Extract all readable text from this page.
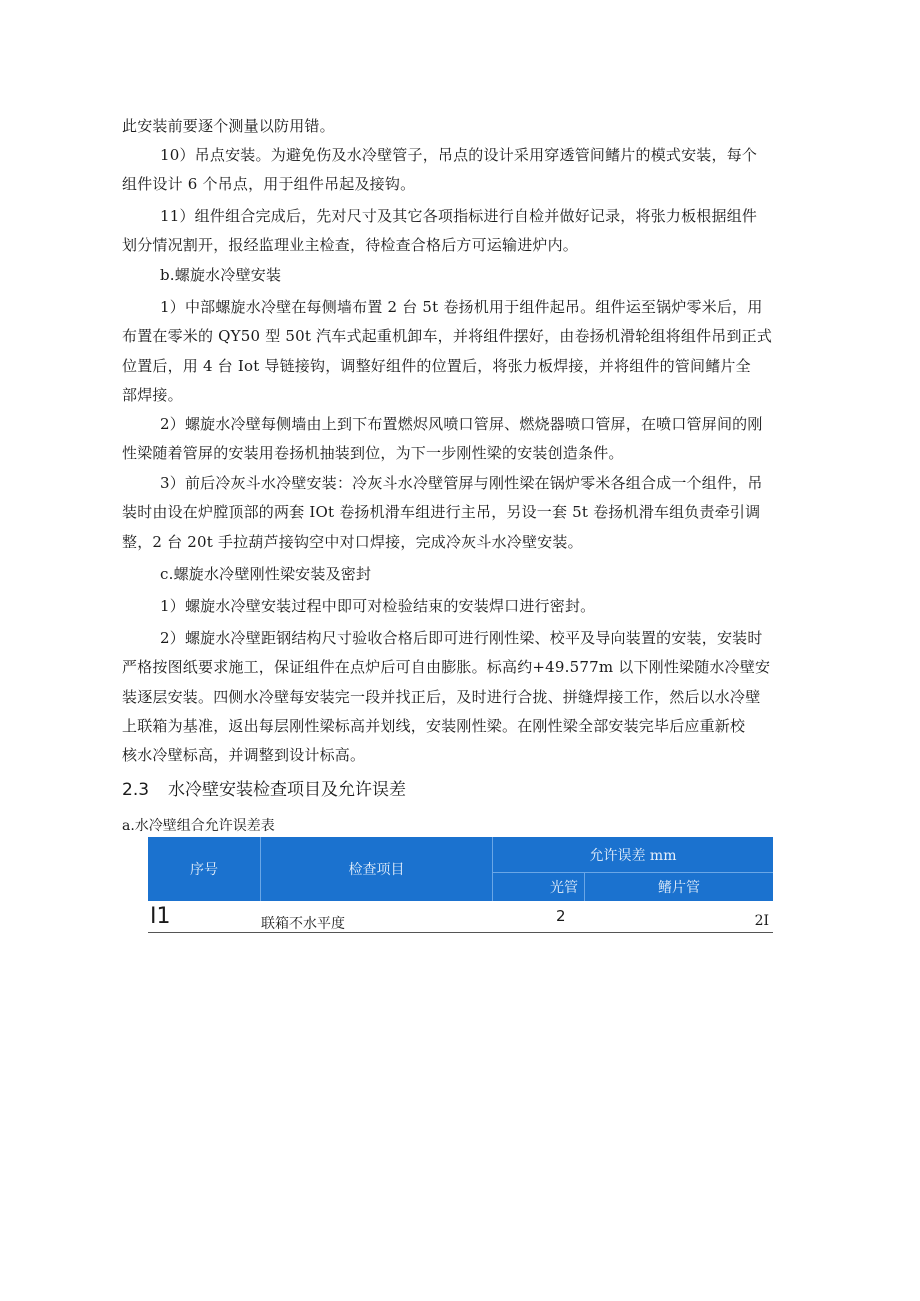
此安装前要逐个测量以防用错。
10）吊点安装。为避免伤及水冷壁管子，吊点的设计采用穿透管间鳍片的模式安装，每个
组件设计 6 个吊点，用于组件吊起及接钩。
11）组件组合完成后，先对尺寸及其它各项指标进行自检并做好记录，将张力板根据组件
划分情况割开，报经监理业主检查，待检查合格后方可运输进炉内。
b.螺旋水冷壁安装
1）中部螺旋水冷壁在每侧墙布置 2 台 5t 卷扬机用于组件起吊。组件运至锅炉零米后，用
布置在零米的 QY50 型 50t 汽车式起重机卸车，并将组件摆好，由卷扬机滑轮组将组件吊到正式
位置后，用 4 台 Iot 导链接钩，调整好组件的位置后，将张力板焊接，并将组件的管间鳍片全
部焊接。
2）螺旋水冷壁每侧墙由上到下布置燃烬风喷口管屏、燃烧器喷口管屏，在喷口管屏间的刚
性梁随着管屏的安装用卷扬机抽装到位，为下一步刚性梁的安装创造条件。
3）前后冷灰斗水冷壁安装：冷灰斗水冷壁管屏与刚性梁在锅炉零米各组合成一个组件，吊
装时由设在炉膛顶部的两套 IOt 卷扬机滑车组进行主吊，另设一套 5t 卷扬机滑车组负责牵引调
整，2 台 20t 手拉葫芦接钩空中对口焊接，完成冷灰斗水冷壁安装。
c.螺旋水冷壁刚性梁安装及密封
1）螺旋水冷壁安装过程中即可对检验结束的安装焊口进行密封。
2）螺旋水冷壁距钢结构尺寸验收合格后即可进行刚性梁、校平及导向装置的安装，安装时
严格按图纸要求施工，保证组件在点炉后可自由膨胀。标高约+49.577m 以下刚性梁随水冷壁安
装逐层安装。四侧水冷壁每安装完一段并找正后，及时进行合拢、拼缝焊接工作，然后以水冷壁
上联箱为基准，返出每层刚性梁标高并划线，安装刚性梁。在刚性梁全部安装完毕后应重新校
核水冷壁标高，并调整到设计标高。
2.3 水冷壁安装检查项目及允许误差
a.水冷壁组合允许误差表
序号	检查项目
允许误差 mm
光管	鳍片管
I1	联箱不水平度	2	2I
